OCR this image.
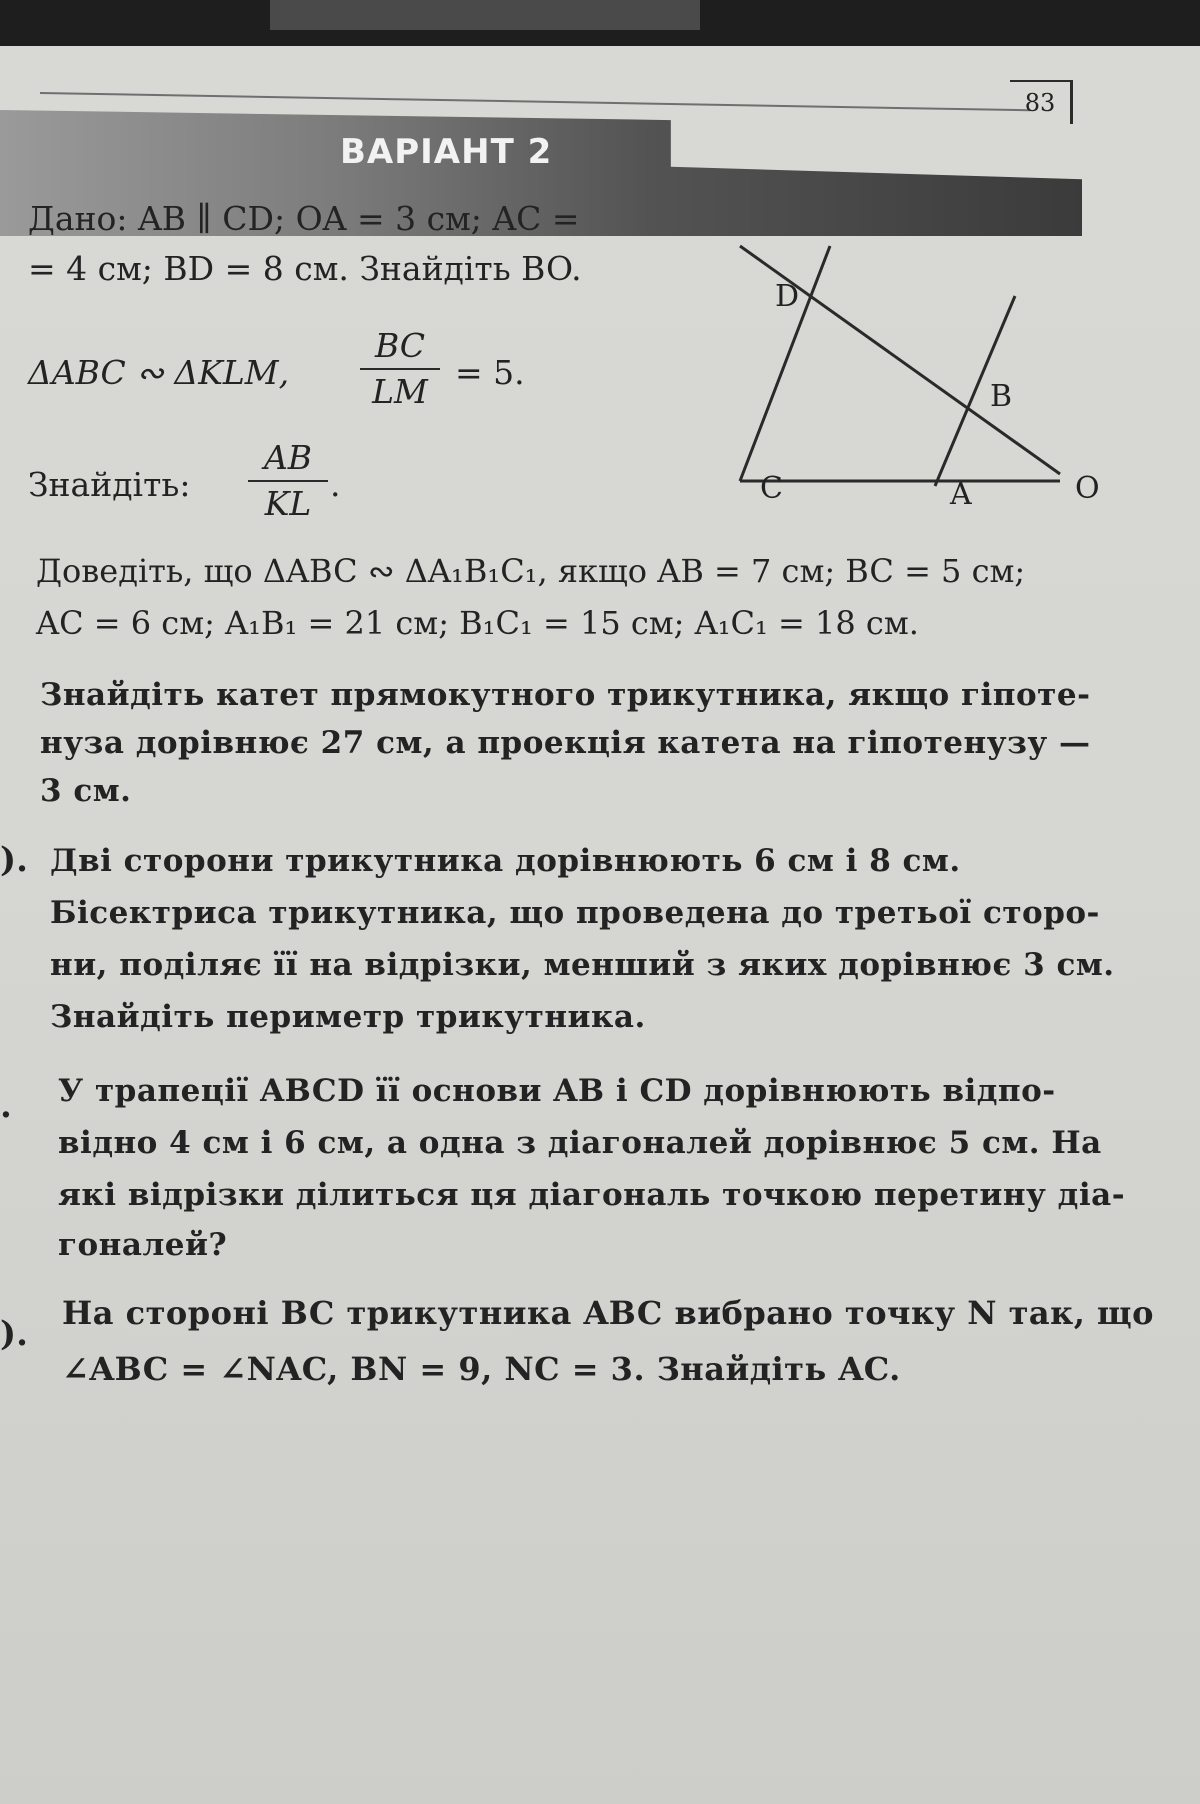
83
ВАРІАНТ 2
Дано: AB ∥ CD; OA = 3 см; AC =
= 4 см; BD = 8 см. Знайдіть BO.
ΔABC ∾ ΔKLM, $\frac{BC}{LM} = 5$.
Знайдіть: $\frac{AB}{KL}$ .
D
B
C	A	O
Доведіть, що ΔABC ∾ ΔA₁B₁C₁, якщо AB = 7 см; BC = 5 см;
AC = 6 см; A₁B₁ = 21 см; B₁C₁ = 15 см; A₁C₁ = 18 см.
Знайдіть катет прямокутного трикутника, якщо гіпоте-
нуза дорівнює 27 см, а проекція катета на гіпотенузу —
3 см.
). Дві сторони трикутника дорівнюють 6 см і 8 см.
Бісектриса трикутника, що проведена до третьої сторо-
ни, поділяє її на відрізки, менший з яких дорівнює 3 см.
Знайдіть периметр трикутника.
. У трапеції ABCD її основи AB і CD дорівнюють відпо-
відно 4 см і 6 см, а одна з діагоналей дорівнює 5 см. На
які відрізки ділиться ця діагональ точкою перетину діа-
гоналей?
).
На стороні BC трикутника ABC вибрано точку N так, що
∠ABC = ∠NAC, BN = 9, NC = 3. Знайдіть AC.
